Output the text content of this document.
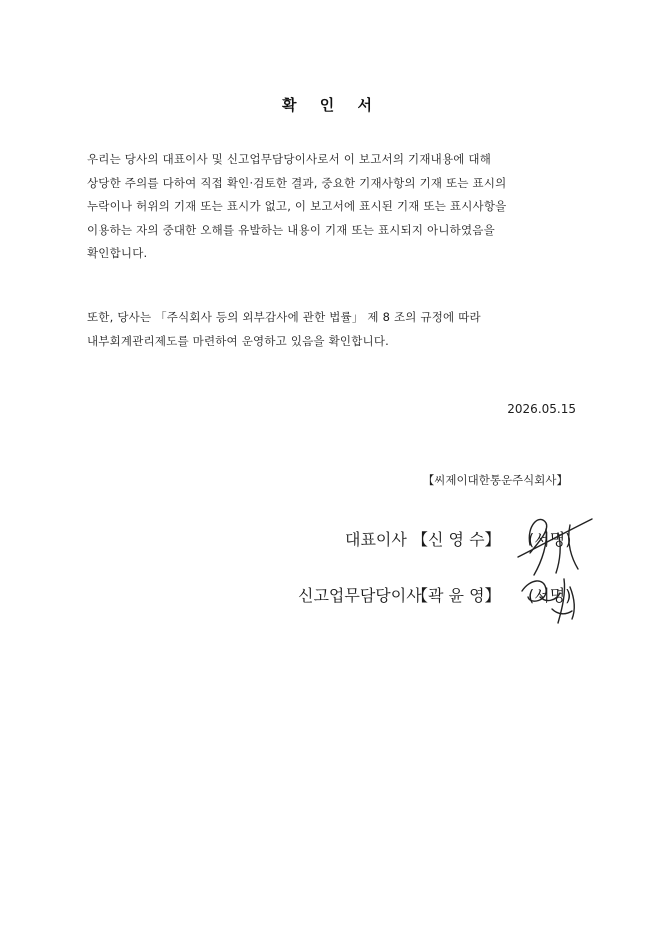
확 인 서
우리는 당사의 대표이사 및 신고업무담당이사로서 이 보고서의 기재내용에 대해
상당한 주의를 다하여 직접 확인·검토한 결과, 중요한 기재사항의 기재 또는 표시의
누락이나 허위의 기재 또는 표시가 없고, 이 보고서에 표시된 기재 또는 표시사항을
이용하는 자의 중대한 오해를 유발하는 내용이 기재 또는 표시되지 아니하였음을
확인합니다.
또한, 당사는 「주식회사 등의 외부감사에 관한 법률」 제 8 조의 규정에 따라
내부회계관리제도를 마련하여 운영하고 있음을 확인합니다.
2026.05.15
【씨제이대한통운주식회사】
대표이사 【신 영 수】 (서명)
신고업무담당이사
【곽 윤 영】 (서명)
